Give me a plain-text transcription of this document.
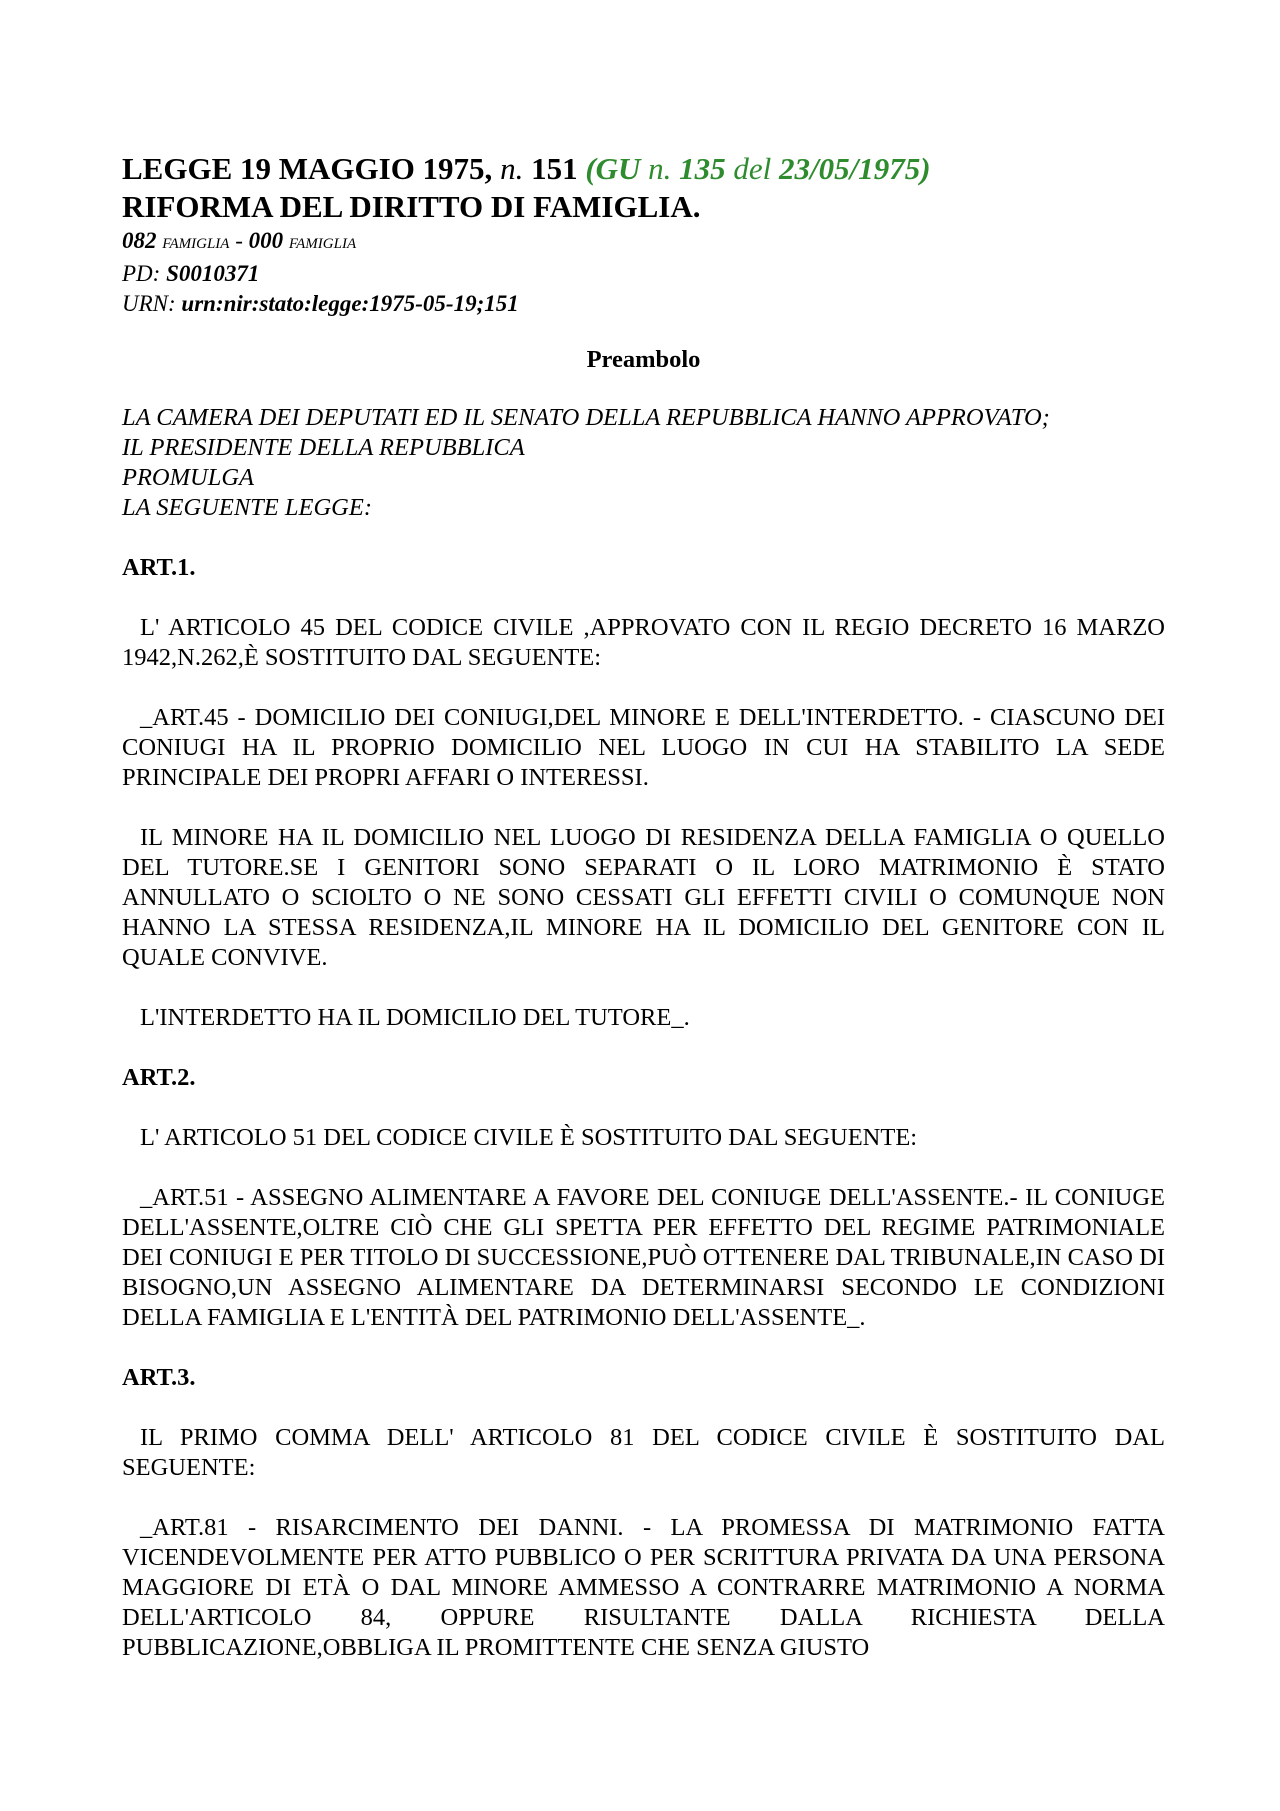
LEGGE 19 MAGGIO 1975, n. 151 (GU n. 135 del 23/05/1975)
RIFORMA DEL DIRITTO DI FAMIGLIA.
082 FAMIGLIA - 000 FAMIGLIA
PD: S0010371
URN: urn:nir:stato:legge:1975-05-19;151
Preambolo
LA CAMERA DEI DEPUTATI ED IL SENATO DELLA REPUBBLICA HANNO APPROVATO;
IL PRESIDENTE DELLA REPUBBLICA
PROMULGA
LA SEGUENTE LEGGE:
ART.1.
L' ARTICOLO 45 DEL CODICE CIVILE ,APPROVATO CON IL REGIO DECRETO 16 MARZO 1942,N.262,È SOSTITUITO DAL SEGUENTE:
_ART.45 - DOMICILIO DEI CONIUGI,DEL MINORE E DELL'INTERDETTO. - CIASCUNO DEI CONIUGI HA IL PROPRIO DOMICILIO NEL LUOGO IN CUI HA STABILITO LA SEDE PRINCIPALE DEI PROPRI AFFARI O INTERESSI.
IL MINORE HA IL DOMICILIO NEL LUOGO DI RESIDENZA DELLA FAMIGLIA O QUELLO DEL TUTORE.SE I GENITORI SONO SEPARATI O IL LORO MATRIMONIO È STATO ANNULLATO O SCIOLTO O NE SONO CESSATI GLI EFFETTI CIVILI O COMUNQUE NON HANNO LA STESSA RESIDENZA,IL MINORE HA IL DOMICILIO DEL GENITORE CON IL QUALE CONVIVE.
L'INTERDETTO HA IL DOMICILIO DEL TUTORE_.
ART.2.
L' ARTICOLO 51 DEL CODICE CIVILE È SOSTITUITO DAL SEGUENTE:
_ART.51 - ASSEGNO ALIMENTARE A FAVORE DEL CONIUGE DELL'ASSENTE.- IL CONIUGE DELL'ASSENTE,OLTRE CIÒ CHE GLI SPETTA PER EFFETTO DEL REGIME PATRIMONIALE DEI CONIUGI E PER TITOLO DI SUCCESSIONE,PUÒ OTTENERE DAL TRIBUNALE,IN CASO DI BISOGNO,UN ASSEGNO ALIMENTARE DA DETERMINARSI SECONDO LE CONDIZIONI DELLA FAMIGLIA E L'ENTITÀ DEL PATRIMONIO DELL'ASSENTE_.
ART.3.
IL PRIMO COMMA DELL' ARTICOLO 81 DEL CODICE CIVILE È SOSTITUITO DAL SEGUENTE:
_ART.81 - RISARCIMENTO DEI DANNI. - LA PROMESSA DI MATRIMONIO FATTA VICENDEVOLMENTE PER ATTO PUBBLICO O PER SCRITTURA PRIVATA DA UNA PERSONA MAGGIORE DI ETÀ O DAL MINORE AMMESSO A CONTRARRE MATRIMONIO A NORMA DELL'ARTICOLO 84, OPPURE RISULTANTE DALLA RICHIESTA DELLA PUBBLICAZIONE,OBBLIGA IL PROMITTENTE CHE SENZA GIUSTO
